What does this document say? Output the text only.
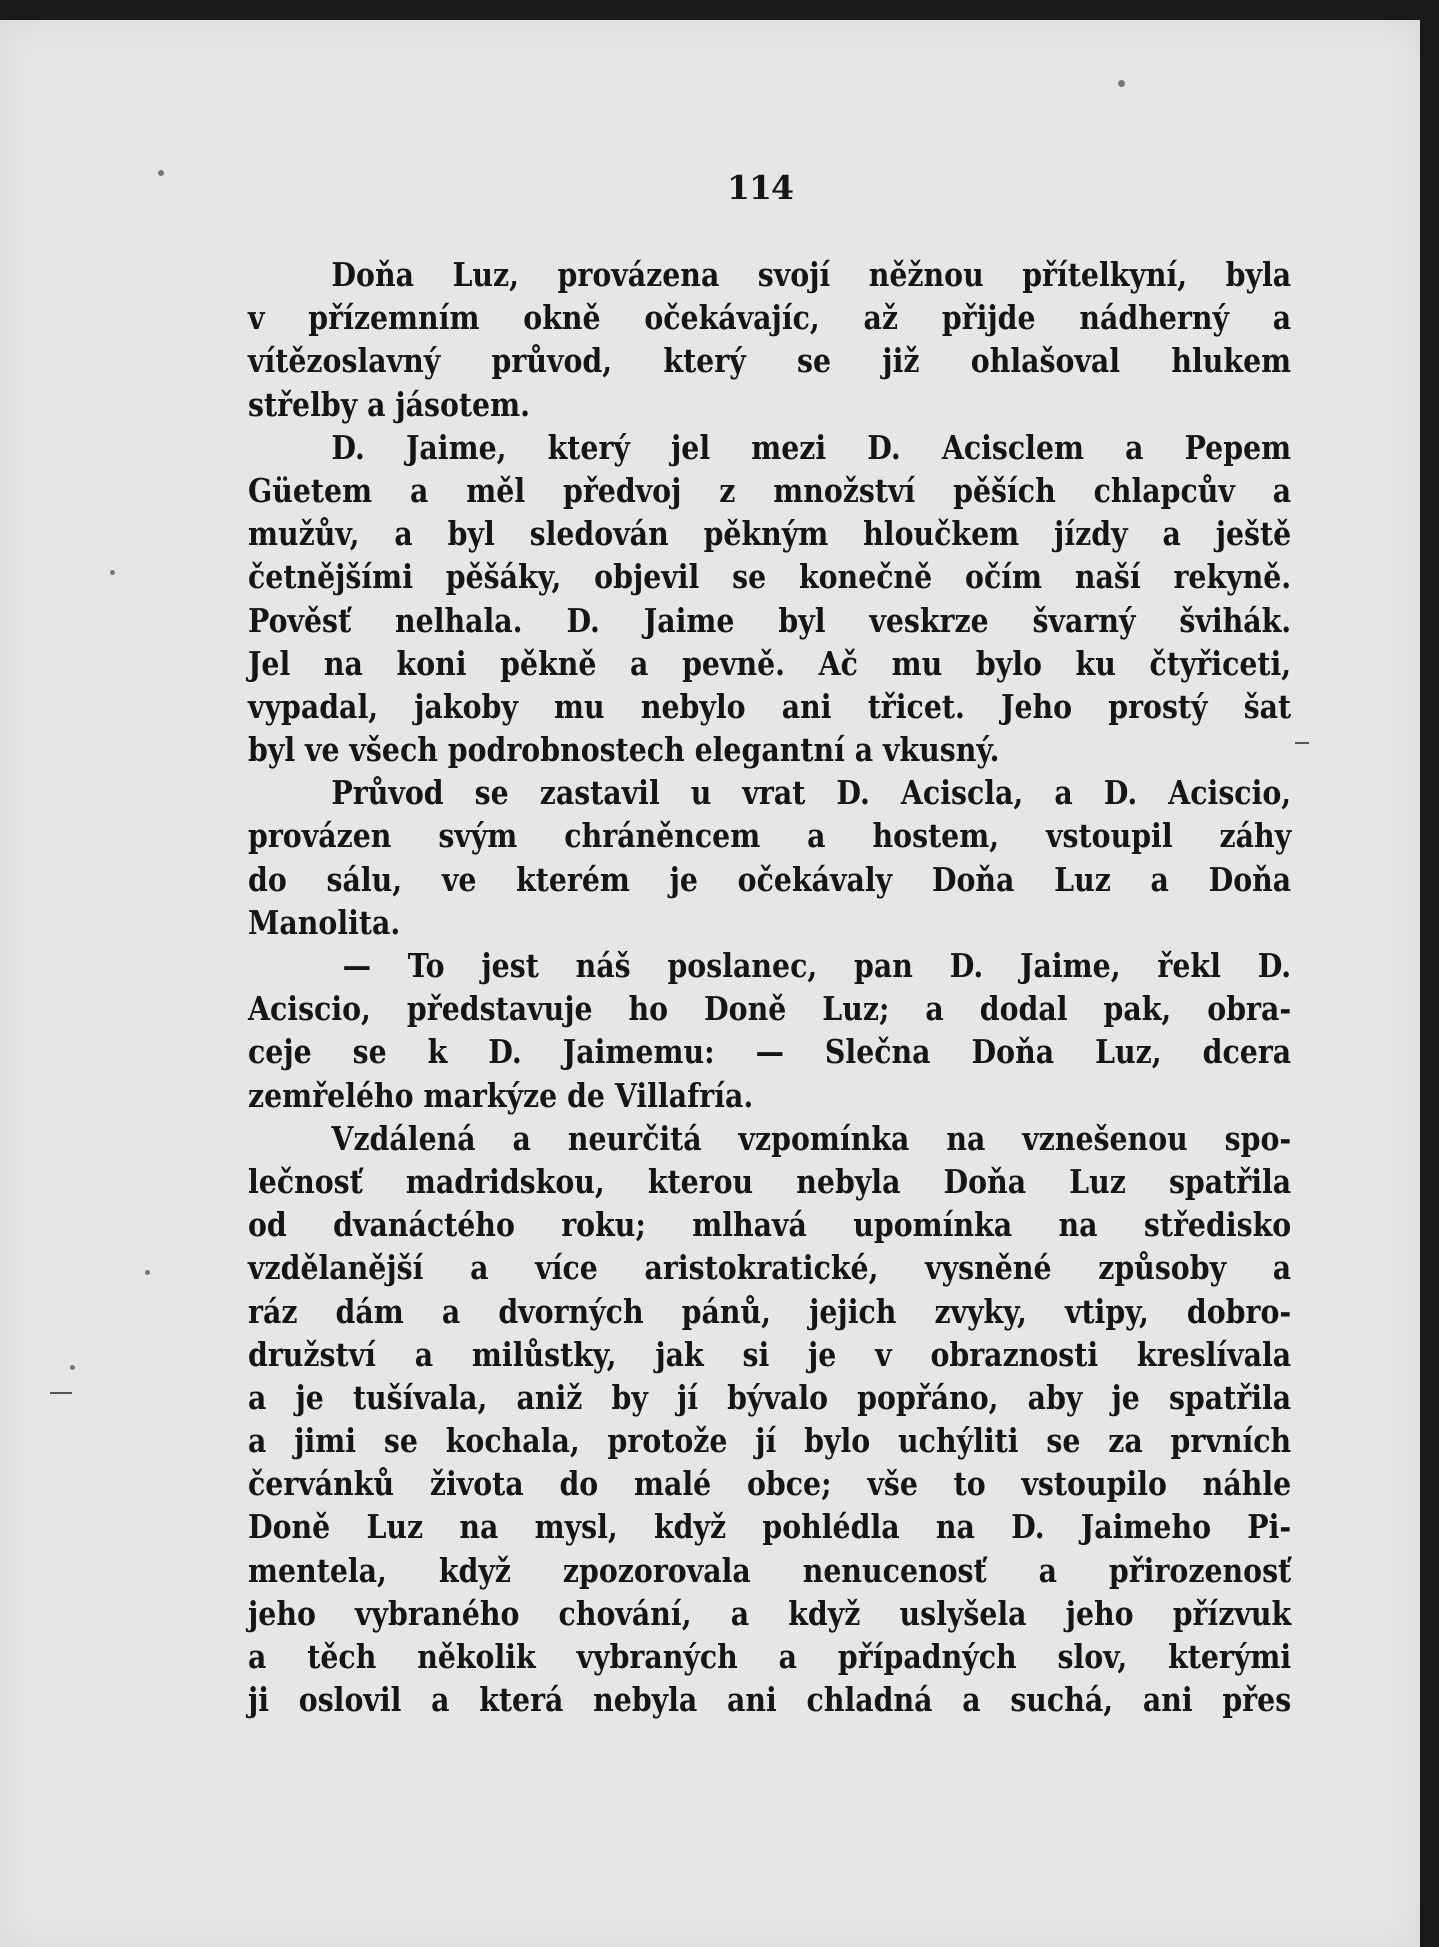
114
Doňa Luz, provázena svojí něžnou přítelkyní, byla
v přízemním okně očekávajíc, až přijde nádherný a
vítězoslavný průvod, který se již ohlašoval hlukem
střelby a jásotem.
D. Jaime, který jel mezi D. Acisclem a Pepem
Güetem a měl předvoj z množství pěších chlapcův a
mužův, a byl sledován pěkným hloučkem jízdy a ještě
četnějšími pěšáky, objevil se konečně očím naší rekyně.
Pověsť nelhala. D. Jaime byl veskrze švarný švihák.
Jel na koni pěkně a pevně. Ač mu bylo ku čtyřiceti,
vypadal, jakoby mu nebylo ani třicet. Jeho prostý šat
byl ve všech podrobnostech elegantní a vkusný.
Průvod se zastavil u vrat D. Aciscla, a D. Aciscio,
provázen svým chráněncem a hostem, vstoupil záhy
do sálu, ve kterém je očekávaly Doňa Luz a Doňa
Manolita.
— To jest náš poslanec, pan D. Jaime, řekl D.
Aciscio, představuje ho Doně Luz; a dodal pak, obra-
ceje se k D. Jaimemu: — Slečna Doňa Luz, dcera
zemřelého markýze de Villafría.
Vzdálená a neurčitá vzpomínka na vznešenou spo-
lečnosť madridskou, kterou nebyla Doňa Luz spatřila
od dvanáctého roku; mlhavá upomínka na středisko
vzdělanější a více aristokratické, vysněné způsoby a
ráz dám a dvorných pánů, jejich zvyky, vtipy, dobro-
družství a milůstky, jak si je v obraznosti kreslívala
a je tušívala, aniž by jí bývalo popřáno, aby je spatřila
a jimi se kochala, protože jí bylo uchýliti se za prvních
červánků života do malé obce; vše to vstoupilo náhle
Doně Luz na mysl, když pohlédla na D. Jaimeho Pi-
mentela, když zpozorovala nenucenosť a přirozenosť
jeho vybraného chování, a když uslyšela jeho přízvuk
a těch několik vybraných a případných slov, kterými
ji oslovil a která nebyla ani chladná a suchá, ani přes
